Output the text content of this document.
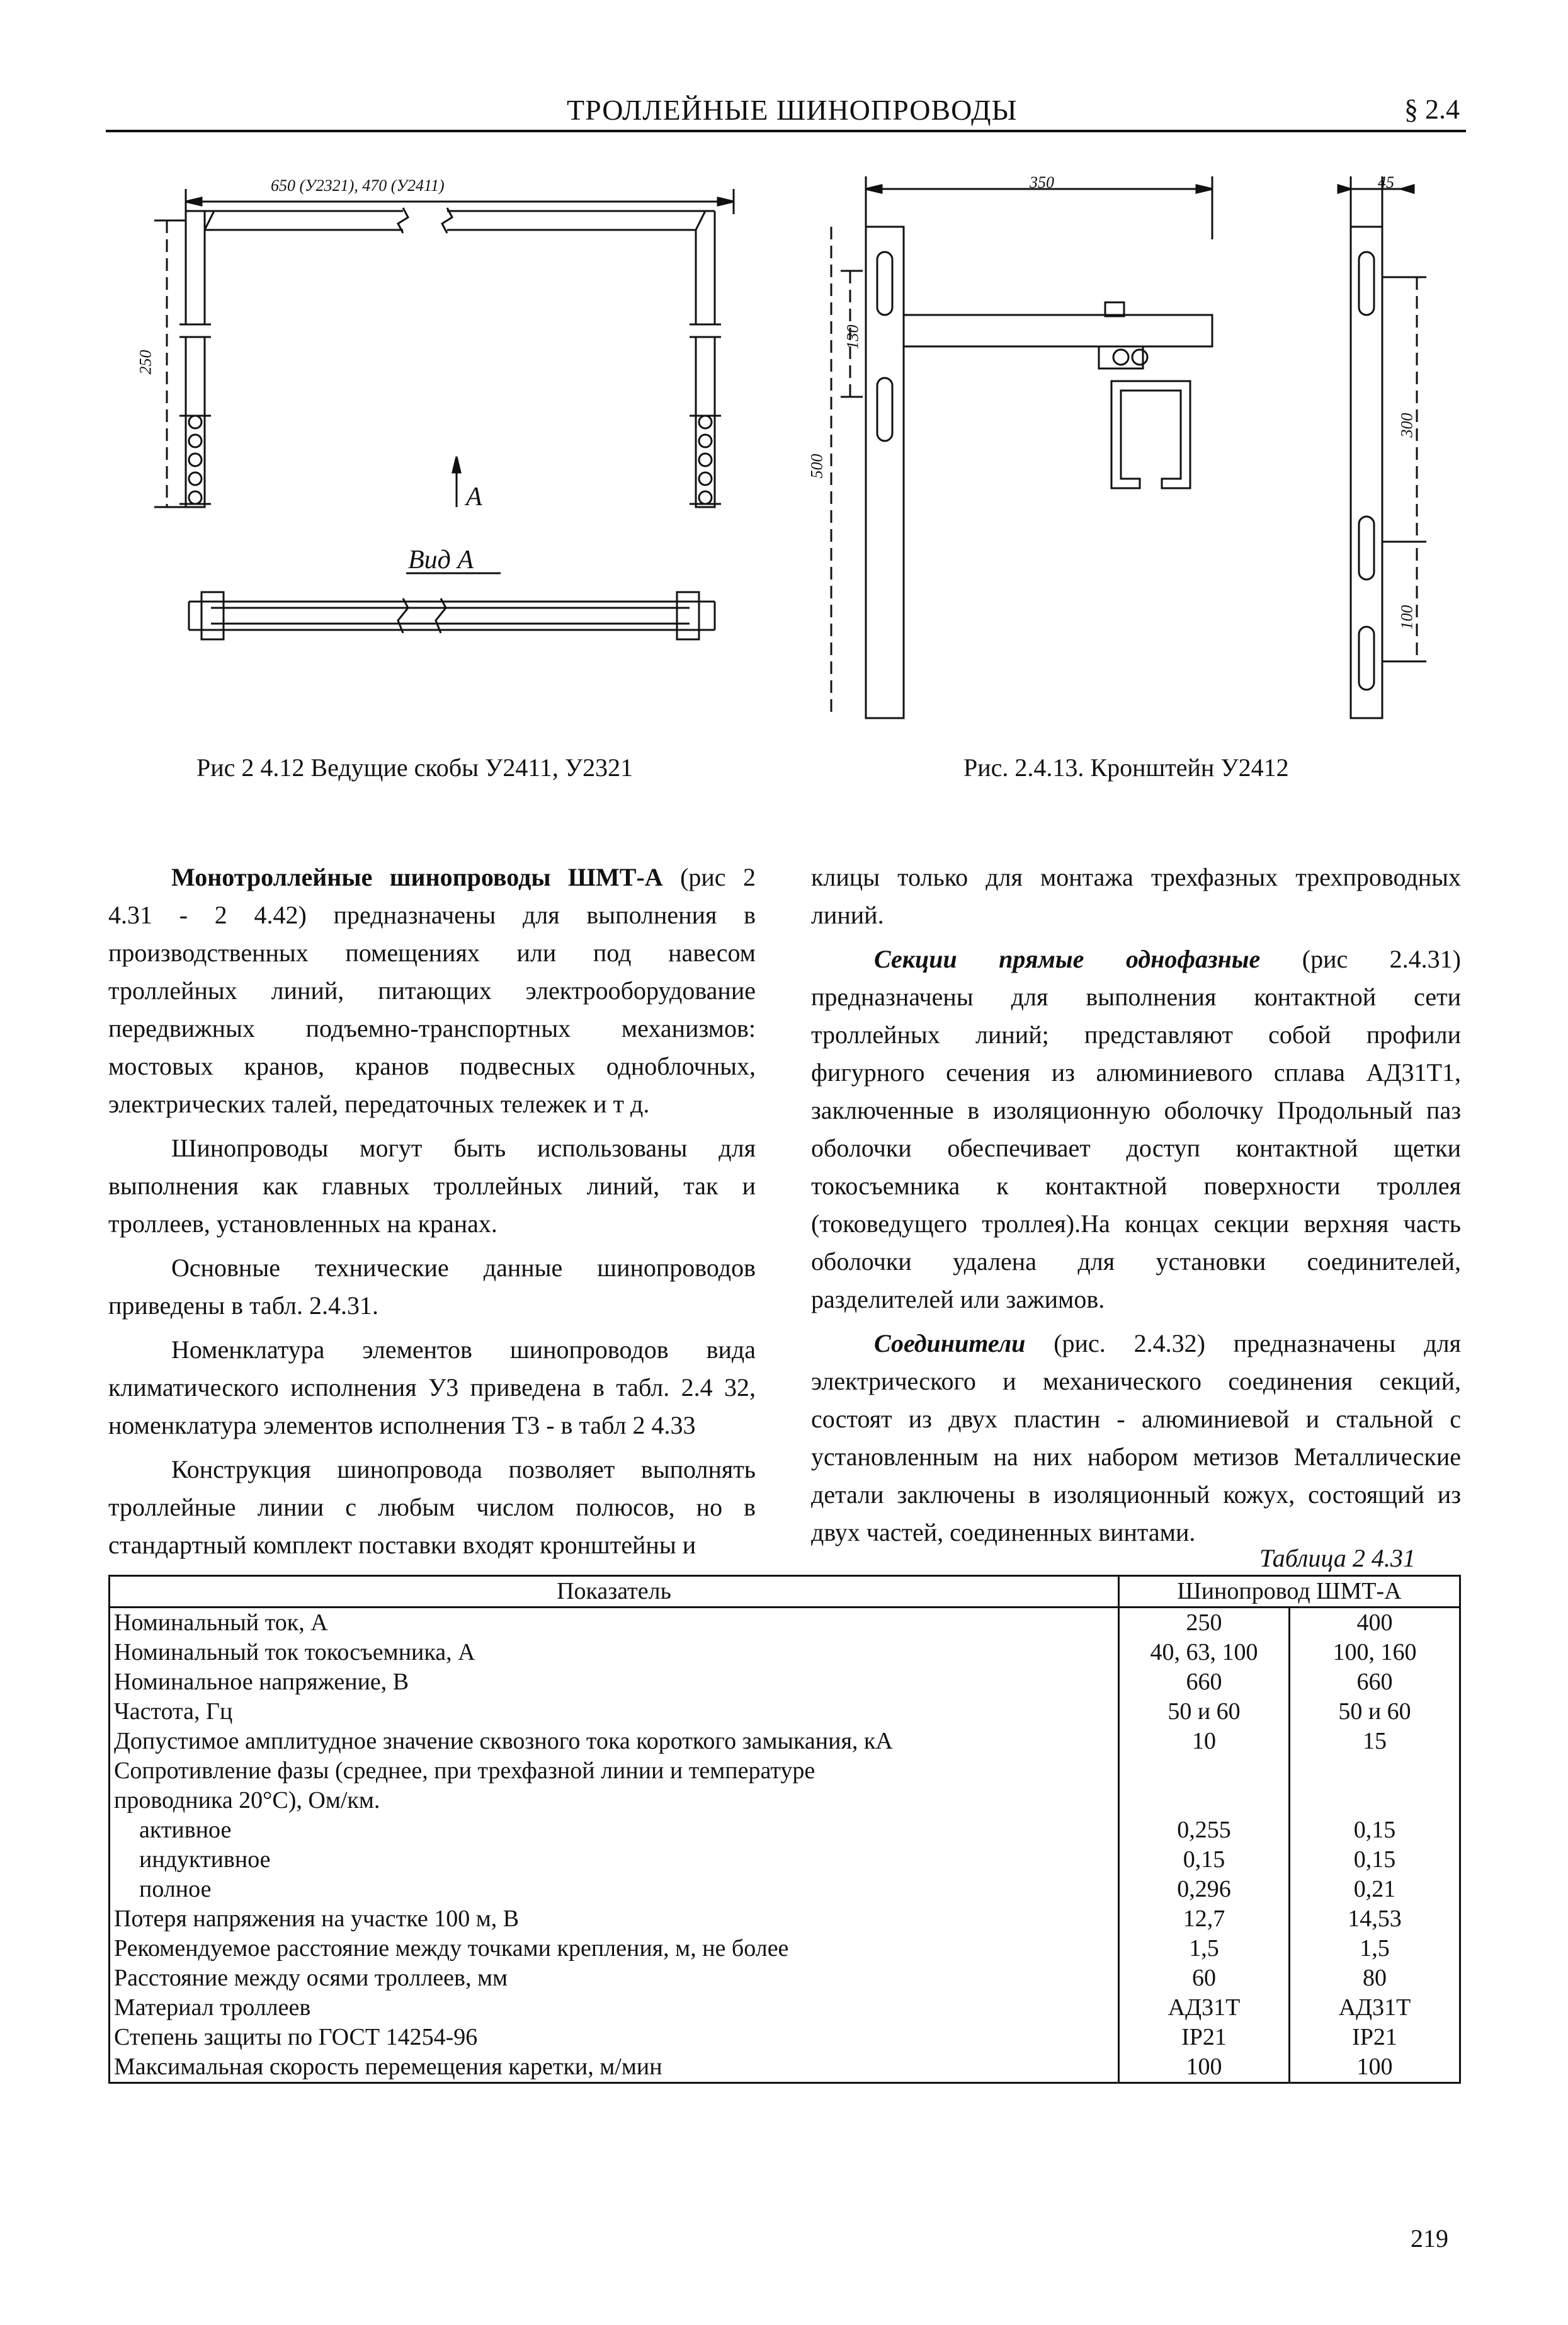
ТРОЛЛЕЙНЫЕ ШИНОПРОВОДЫ	§ 2.4
650 (У2321), 470 (У2411)
250
A
Вид А
Рис 2 4.12 Ведущие скобы У2411, У2321
350
130
500
45
300
100
Рис. 2.4.13. Кронштейн У2412

Монотроллейные шинопроводы ШМТ-А (рис 2 4.31 - 2 4.42) предназначены для выполнения в производственных помещениях или под навесом троллейных линий, питающих электрооборудование передвижных подъемно-транспортных механизмов: мостовых кранов, кранов подвесных одноблочных, электрических талей, передаточных тележек и т д.

Шинопроводы могут быть использованы для выполнения как главных троллейных линий, так и троллеев, установленных на кранах.

Основные технические данные шинопроводов приведены в табл. 2.4.31.

Номенклатура элементов шинопроводов вида климатического исполнения У3 приведена в табл. 2.4 32, номенклатура элементов исполнения Т3 - в табл 2 4.33

Конструкция шинопровода позволяет выполнять троллейные линии с любым числом полюсов, но в стандартный комплект поставки входят кронштейны и

клицы только для монтажа трехфазных трехпроводных линий.

Секции прямые однофазные (рис 2.4.31) предназначены для выполнения контактной сети троллейных линий; представляют собой профили фигурного сечения из алюминиевого сплава АД31Т1, заключенные в изоляционную оболочку Продольный паз оболочки обеспечивает доступ контактной щетки токосъемника к контактной поверхности троллея (токоведущего троллея).На концах секции верхняя часть оболочки удалена для установки соединителей, разделителей или зажимов.

Соединители (рис. 2.4.32) предназначены для электрического и механического соединения секций, состоят из двух пластин - алюминиевой и стальной с установленным на них набором метизов Металлические детали заключены в изоляционный кожух, состоящий из двух частей, соединенных винтами.

Таблица 2 4.31
Показатель	Шинопровод ШМТ-А	
Номинальный ток, А	250	400
Номинальный ток токосъемника, А	40, 63, 100	100, 160
Номинальное напряжение, В	660	660
Частота, Гц	50 и 60	50 и 60
Допустимое амплитудное значение сквозного тока короткого замыкания, кА	10	15
Сопротивление фазы (среднее, при трехфазной линии и температуре		
проводника 20°С), Ом/км.		
активное	0,255	0,15
индуктивное	0,15	0,15
полное	0,296	0,21
Потеря напряжения на участке 100 м, В	12,7	14,53
Рекомендуемое расстояние между точками крепления, м, не более	1,5	1,5
Расстояние между осями троллеев, мм	60	80
Материал троллеев	АД31Т	АД31Т
Степень защиты по ГОСТ 14254-96	IP21	IP21
Максимальная скорость перемещения каретки, м/мин	100	100
219
